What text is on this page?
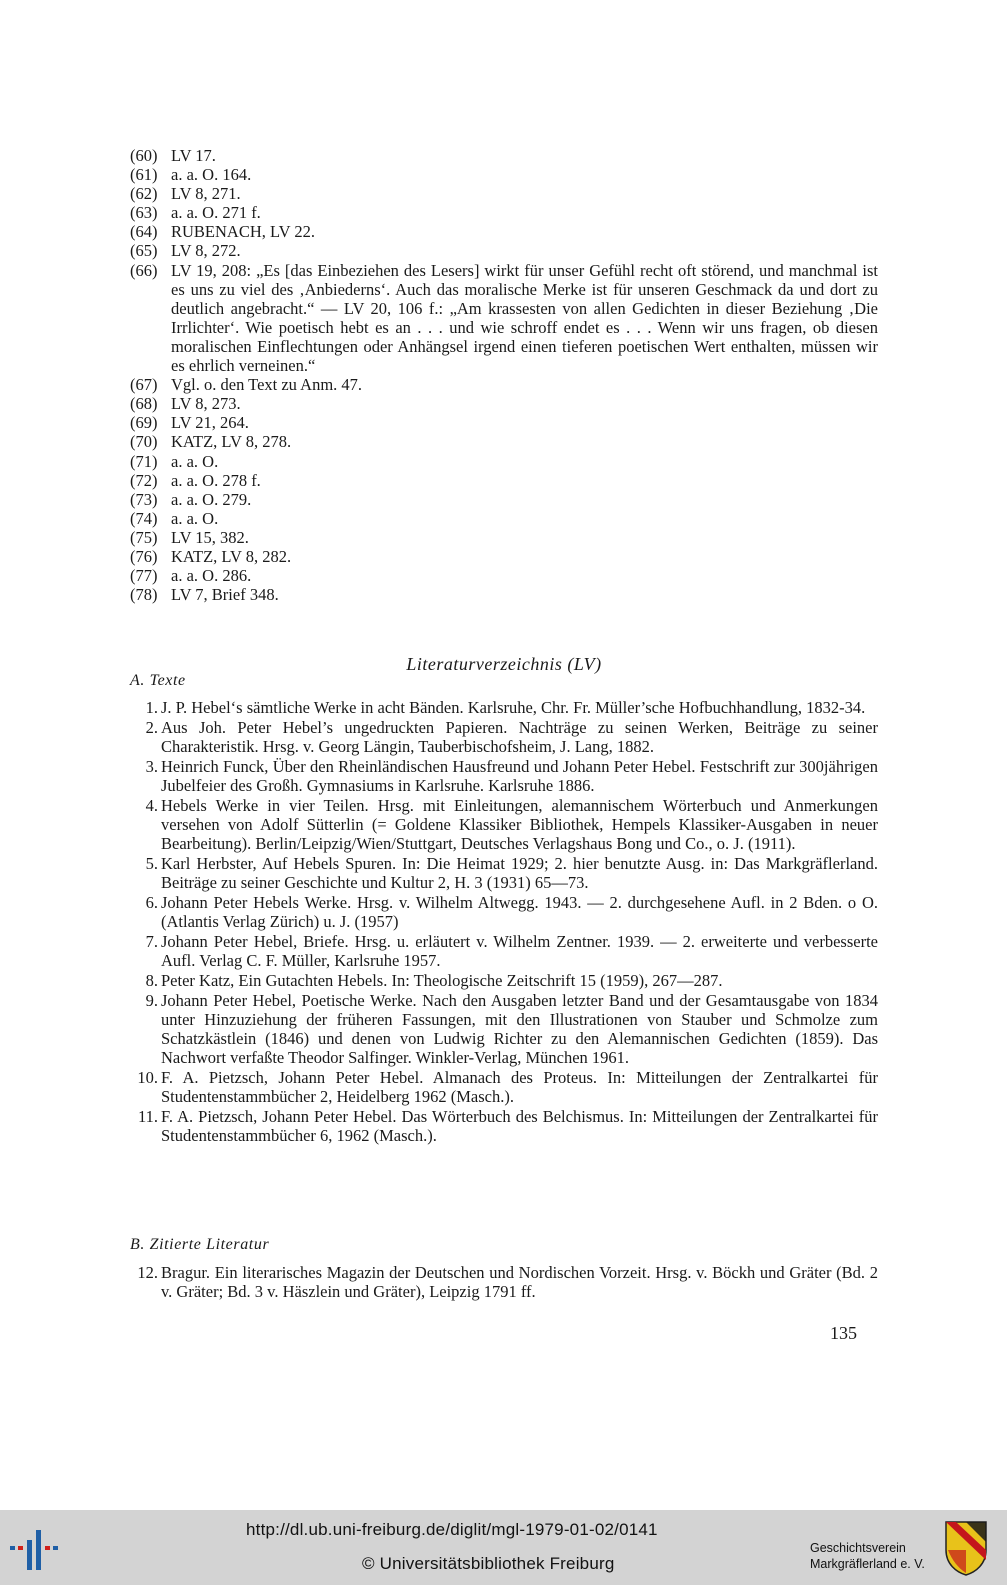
(60) LV 17.
(61) a. a. O. 164.
(62) LV 8, 271.
(63) a. a. O. 271 f.
(64) RUBENACH, LV 22.
(65) LV 8, 272.
(66) LV 19, 208: „Es [das Einbeziehen des Lesers] wirkt für unser Gefühl recht oft störend, und manchmal ist es uns zu viel des ‚Anbiederns‘. Auch das moralische Merke ist für unseren Geschmack da und dort zu deutlich angebracht.“ — LV 20, 106 f.: „Am krassesten von allen Gedichten in dieser Beziehung ‚Die Irrlichter‘. Wie poetisch hebt es an . . . und wie schroff endet es . . . Wenn wir uns fragen, ob diesen moralischen Einflechtungen oder Anhängsel irgend einen tieferen poetischen Wert enthalten, müssen wir es ehrlich verneinen.“
(67) Vgl. o. den Text zu Anm. 47.
(68) LV 8, 273.
(69) LV 21, 264.
(70) KATZ, LV 8, 278.
(71) a. a. O.
(72) a. a. O. 278 f.
(73) a. a. O. 279.
(74) a. a. O.
(75) LV 15, 382.
(76) KATZ, LV 8, 282.
(77) a. a. O. 286.
(78) LV 7, Brief 348.
Literaturverzeichnis (LV)
A. Texte
1. J. P. Hebel‘s sämtliche Werke in acht Bänden. Karlsruhe, Chr. Fr. Müller’sche Hofbuchhandlung, 1832-34.
2. Aus Joh. Peter Hebel’s ungedruckten Papieren. Nachträge zu seinen Werken, Beiträge zu seiner Charakteristik. Hrsg. v. Georg Längin, Tauberbischofsheim, J. Lang, 1882.
3. Heinrich Funck, Über den Rheinländischen Hausfreund und Johann Peter Hebel. Festschrift zur 300jährigen Jubelfeier des Großh. Gymnasiums in Karlsruhe. Karlsruhe 1886.
4. Hebels Werke in vier Teilen. Hrsg. mit Einleitungen, alemannischem Wörterbuch und Anmerkungen versehen von Adolf Sütterlin (= Goldene Klassiker Bibliothek, Hempels Klassiker-Ausgaben in neuer Bearbeitung). Berlin/Leipzig/Wien/Stuttgart, Deutsches Verlagshaus Bong und Co., o. J. (1911).
5. Karl Herbster, Auf Hebels Spuren. In: Die Heimat 1929; 2. hier benutzte Ausg. in: Das Markgräflerland. Beiträge zu seiner Geschichte und Kultur 2, H. 3 (1931) 65—73.
6. Johann Peter Hebels Werke. Hrsg. v. Wilhelm Altwegg. 1943. — 2. durchgesehene Aufl. in 2 Bden. o O. (Atlantis Verlag Zürich) u. J. (1957)
7. Johann Peter Hebel, Briefe. Hrsg. u. erläutert v. Wilhelm Zentner. 1939. — 2. erweiterte und verbesserte Aufl. Verlag C. F. Müller, Karlsruhe 1957.
8. Peter Katz, Ein Gutachten Hebels. In: Theologische Zeitschrift 15 (1959), 267—287.
9. Johann Peter Hebel, Poetische Werke. Nach den Ausgaben letzter Band und der Gesamtausgabe von 1834 unter Hinzuziehung der früheren Fassungen, mit den Illustrationen von Stauber und Schmolze zum Schatzkästlein (1846) und denen von Ludwig Richter zu den Alemannischen Gedichten (1859). Das Nachwort verfaßte Theodor Salfinger. Winkler-Verlag, München 1961.
10. F. A. Pietzsch, Johann Peter Hebel. Almanach des Proteus. In: Mitteilungen der Zentralkartei für Studentenstammbücher 2, Heidelberg 1962 (Masch.).
11. F. A. Pietzsch, Johann Peter Hebel. Das Wörterbuch des Belchismus. In: Mitteilungen der Zentralkartei für Studentenstammbücher 6, 1962 (Masch.).
B. Zitierte Literatur
12. Bragur. Ein literarisches Magazin der Deutschen und Nordischen Vorzeit. Hrsg. v. Böckh und Gräter (Bd. 2 v. Gräter; Bd. 3 v. Häszlein und Gräter), Leipzig 1791 ff.
135
http://dl.ub.uni-freiburg.de/diglit/mgl-1979-01-02/0141
© Universitätsbibliothek Freiburg
Geschichtsverein
Markgräflerland e. V.
